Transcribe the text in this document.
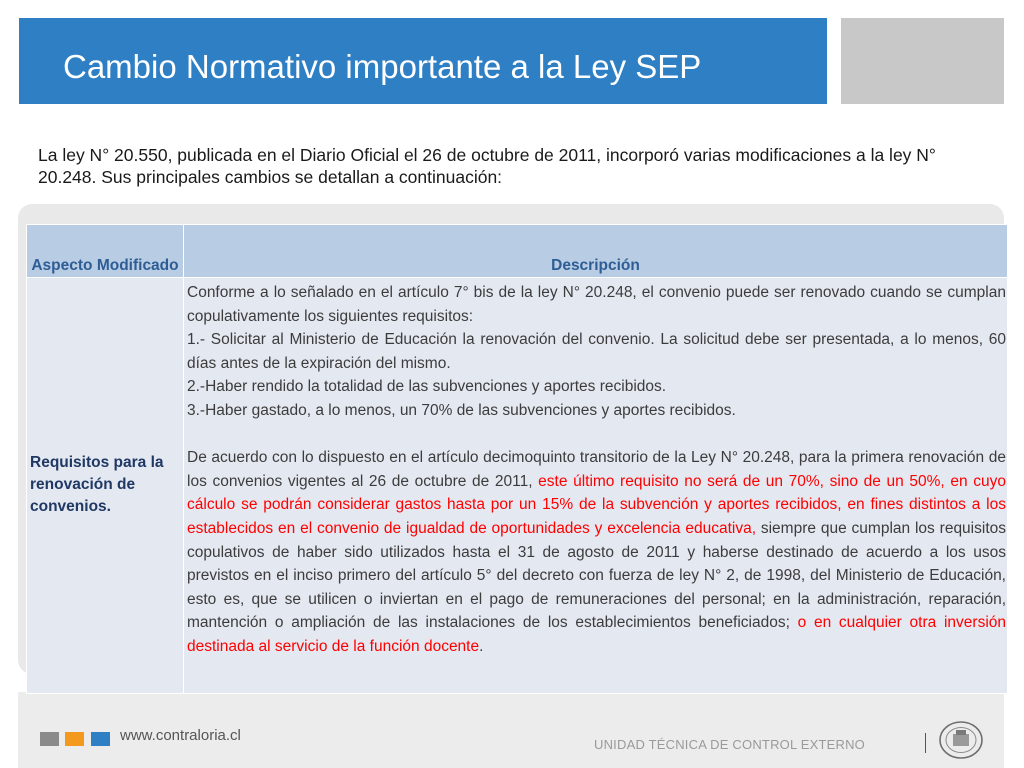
Cambio Normativo importante a la Ley SEP
La ley N° 20.550, publicada en el Diario Oficial el 26 de octubre de 2011, incorporó varias modificaciones a la ley N° 20.248. Sus principales cambios se detallan a continuación:
www.contraloria.cl
UNIDAD TÉCNICA DE CONTROL EXTERNO
Aspecto Modificado	Descripción
Requisitos para la renovación de convenios.	Conforme a lo señalado en el artículo 7° bis de la ley N° 20.248, el convenio puede ser renovado cuando se cumplan copulativamente los siguientes requisitos:
1.- Solicitar al Ministerio de Educación la renovación del convenio. La solicitud debe ser presentada, a lo menos, 60 días antes de la expiración del mismo.
2.-Haber rendido la totalidad de las subvenciones y aportes recibidos.
3.-Haber gastado, a lo menos, un 70% de las subvenciones y aportes recibidos.
De acuerdo con lo dispuesto en el artículo decimoquinto transitorio de la Ley N° 20.248, para la primera renovación de los convenios vigentes al 26 de octubre de 2011, este último requisito no será de un 70%, sino de un 50%, en cuyo cálculo se podrán considerar gastos hasta por un 15% de la subvención y aportes recibidos, en fines distintos a los establecidos en el convenio de igualdad de oportunidades y excelencia educativa, siempre que cumplan los requisitos copulativos de haber sido utilizados hasta el 31 de agosto de 2011 y haberse destinado de acuerdo a los usos previstos en el inciso primero del artículo 5° del decreto con fuerza de ley N° 2, de 1998, del Ministerio de Educación, esto es, que se utilicen o inviertan en el pago de remuneraciones del personal; en la administración, reparación, mantención o ampliación de las instalaciones de los establecimientos beneficiados; o en cualquier otra inversión destinada al servicio de la función docente.
